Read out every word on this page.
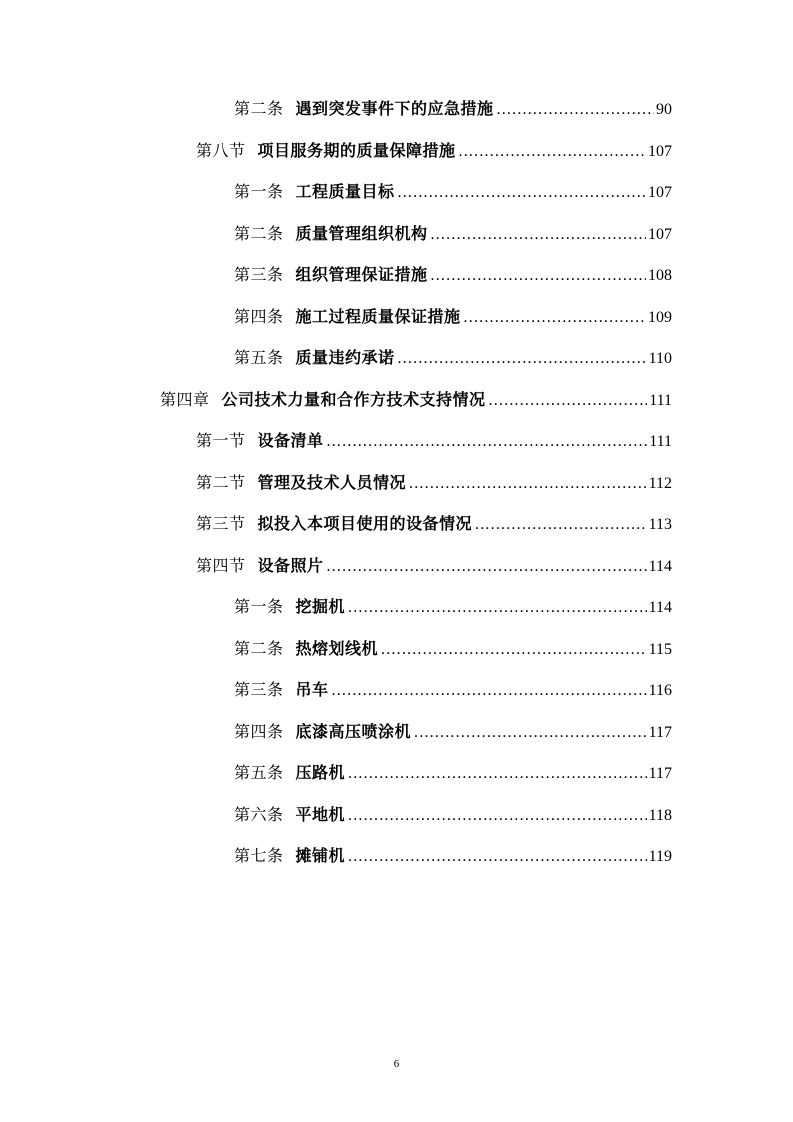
第二条 遇到突发事件下的应急措施 .....	90
第八节 项目服务期的质量保障措施 .....	107
第一条 工程质量目标 .....	107
第二条 质量管理组织机构 .....	107
第三条 组织管理保证措施 .....	108
第四条 施工过程质量保证措施 .....	109
第五条 质量违约承诺 .....	110
第四章 公司技术力量和合作方技术支持情况 .....	111
第一节 设备清单 .....	111
第二节 管理及技术人员情况 .....	112
第三节 拟投入本项目使用的设备情况 .....	113
第四节 设备照片 .....	114
第一条 挖掘机 .....	114
第二条 热熔划线机 .....	115
第三条 吊车 .....	116
第四条 底漆高压喷涂机 .....	117
第五条 压路机 .....	117
第六条 平地机 .....	118
第七条 摊铺机 .....	119
6
